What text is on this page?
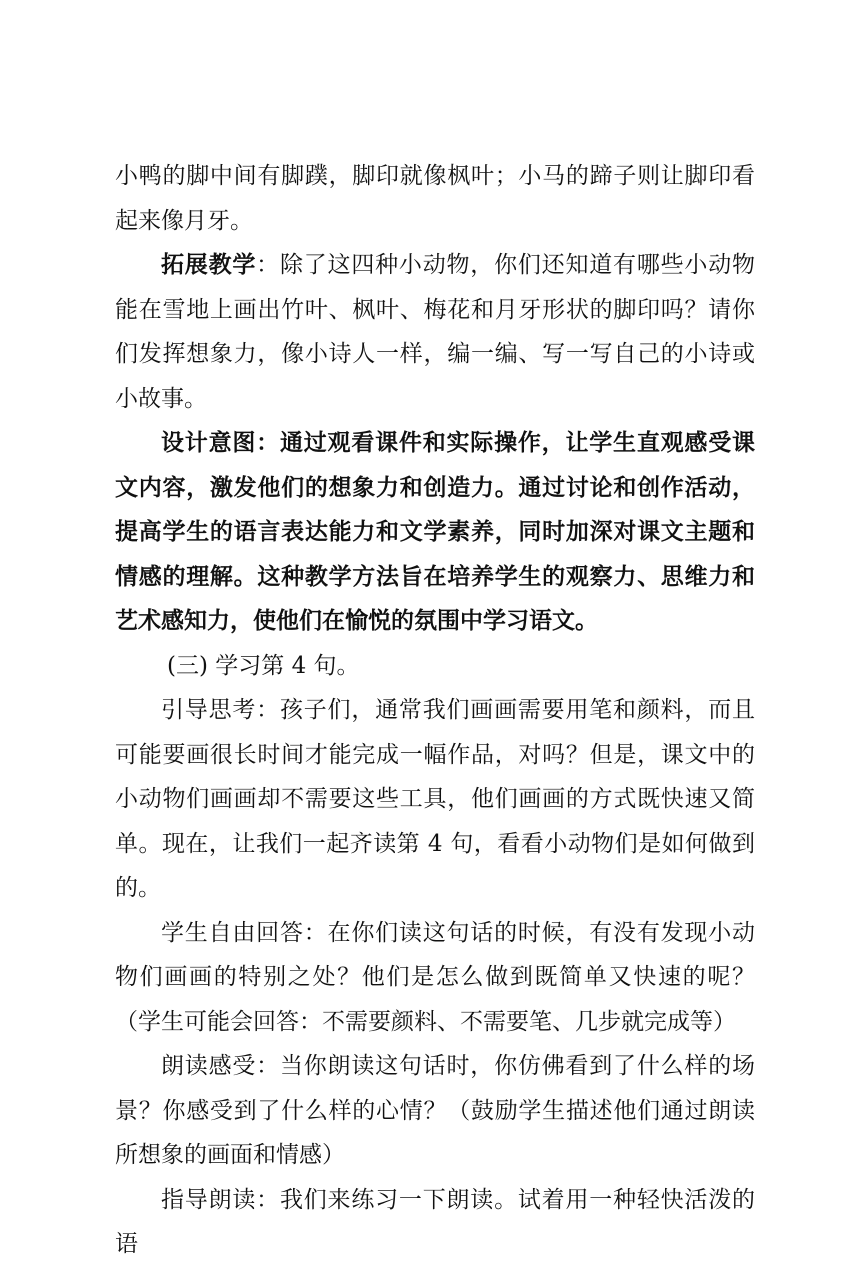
小鸭的脚中间有脚蹼，脚印就像枫叶；小马的蹄子则让脚印看起来像月牙。

拓展教学：除了这四种小动物，你们还知道有哪些小动物能在雪地上画出竹叶、枫叶、梅花和月牙形状的脚印吗？请你们发挥想象力，像小诗人一样，编一编、写一写自己的小诗或小故事。

设计意图：通过观看课件和实际操作，让学生直观感受课文内容，激发他们的想象力和创造力。通过讨论和创作活动，提高学生的语言表达能力和文学素养，同时加深对课文主题和情感的理解。这种教学方法旨在培养学生的观察力、思维力和艺术感知力，使他们在愉悦的氛围中学习语文。

(三) 学习第 4 句。

引导思考：孩子们，通常我们画画需要用笔和颜料，而且可能要画很长时间才能完成一幅作品，对吗？但是，课文中的小动物们画画却不需要这些工具，他们画画的方式既快速又简单。现在，让我们一起齐读第 4 句，看看小动物们是如何做到的。

学生自由回答：在你们读这句话的时候，有没有发现小动物们画画的特别之处？他们是怎么做到既简单又快速的呢？（学生可能会回答：不需要颜料、不需要笔、几步就完成等）

朗读感受：当你朗读这句话时，你仿佛看到了什么样的场景？你感受到了什么样的心情？（鼓励学生描述他们通过朗读所想象的画面和情感）

指导朗读：我们来练习一下朗读。试着用一种轻快活泼的语
